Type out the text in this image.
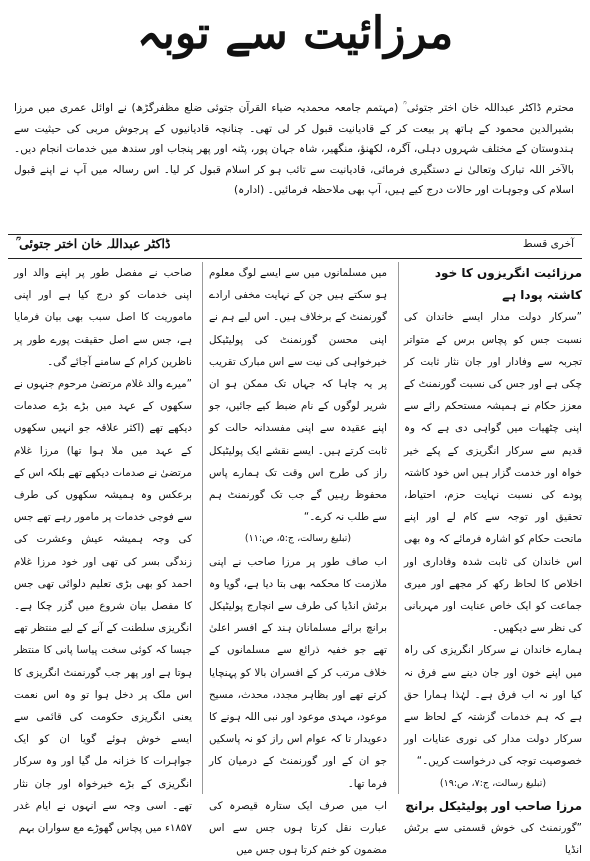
مرزائیت سے توبہ
محترم ڈاکٹر عبداللہ خان اختر جتوئی ؒ (مہتمم جامعہ محمدیہ ضیاء القرآن جتوئی ضلع مظفرگڑھ) نے اوائل عمری میں مرزا بشیرالدین محمود کے ہاتھ پر بیعت کر کے قادیانیت قبول کر لی تھی۔ چنانچہ قادیانیوں کے پرجوش مربی کی حیثیت سے ہندوستان کے مختلف شہروں دہلی، آگرہ، لکھنؤ، منگھیر، شاہ جہان پور، پٹنہ اور پھر پنجاب اور سندھ میں خدمات انجام دیں۔ بالآخر اللہ تبارک وتعالیٰ نے دستگیری فرمائی، قادیانیت سے تائب ہو کر اسلام قبول کر لیا۔ اس رسالہ میں آپ نے اپنے قبول اسلام کی وجوہات اور حالات درج کیے ہیں، آپ بھی ملاحظہ فرمائیں۔ (ادارہ)
ڈاکٹر عبداللہ خان اختر جتوئی ؒ	آخری قسط

مرزائیت انگریزوں کا خود کاشتہ پودا ہے

”سرکار دولت مدار ایسے خاندان کی نسبت جس کو پچاس برس کے متواتر تجربہ سے وفادار اور جان نثار ثابت کر چکی ہے اور جس کی نسبت گورنمنٹ کے معزز حکام نے ہمیشہ مستحکم رائے سے اپنی چٹھیات میں گواہی دی ہے کہ وہ قدیم سے سرکار انگریزی کے پکے خیر خواہ اور خدمت گزار ہیں اس خود کاشتہ پودے کی نسبت نہایت حزم، احتیاط، تحقیق اور توجہ سے کام لے اور اپنے ماتحت حکام کو اشارہ فرمائے کہ وہ بھی اس خاندان کی ثابت شدہ وفاداری اور اخلاص کا لحاظ رکھ کر مجھے اور میری جماعت کو ایک خاص عنایت اور مہربانی کی نظر سے دیکھیں۔

ہمارے خاندان نے سرکار انگریزی کی راہ میں اپنے خون اور جان دینے سے فرق نہ کیا اور نہ اب فرق ہے۔ لہٰذا ہمارا حق ہے کہ ہم خدمات گزشتہ کے لحاظ سے سرکار دولت مدار کی نوری عنایات اور خصوصیت توجہ کی درخواست کریں۔“

(تبلیغ رسالت، ج:۷، ص:۱۹)

مرزا صاحب اور پولیٹیکل برانچ

”گورنمنٹ کی خوش قسمتی سے برٹش انڈیا

میں مسلمانوں میں سے ایسے لوگ معلوم ہو سکتے ہیں جن کے نہایت مخفی ارادے گورنمنٹ کے برخلاف ہیں۔ اس لیے ہم نے اپنی محسن گورنمنٹ کی پولیٹیکل خیرخواہی کی نیت سے اس مبارک تقریب پر یہ چاہا کہ جہاں تک ممکن ہو ان شریر لوگوں کے نام ضبط کیے جائیں، جو اپنے عقیدہ سے اپنی مفسدانہ حالت کو ثابت کرتے ہیں۔ ایسے نقشے ایک پولیٹیکل راز کی طرح اس وقت تک ہمارے پاس محفوظ رہیں گے جب تک گورنمنٹ ہم سے طلب نہ کرے۔“

(تبلیغ رسالت، ج:۵، ص:۱۱)

اب صاف طور پر مرزا صاحب نے اپنی ملازمت کا محکمہ بھی بتا دیا ہے، گویا وہ برٹش انڈیا کی طرف سے انچارج پولیٹیکل برانچ برائے مسلمانان ہند کے افسر اعلیٰ تھے جو خفیہ ذرائع سے مسلمانوں کے خلاف مرتب کر کے افسران بالا کو پہنچایا کرتے تھے اور بظاہر مجدد، محدث، مسیح موعود، مہدی موعود اور نبی اللہ ہونے کا دعویدار تا کہ عوام اس راز کو نہ پاسکیں جو ان کے اور گورنمنٹ کے درمیان کار فرما تھا۔

اب میں صرف ایک ستارہ قیصرہ کی عبارت نقل کرتا ہوں جس سے اس مضمون کو ختم کرتا ہوں جس میں

صاحب نے مفصل طور پر اپنے والد اور اپنی خدمات کو درج کیا ہے اور اپنی ماموریت کا اصل سبب بھی بیان فرمایا ہے، جس سے اصل حقیقت پورے طور پر ناظرین کرام کے سامنے آجائے گی۔

”میرے والد غلام مرتضیٰ مرحوم جنہوں نے سکھوں کے عہد میں بڑے بڑے صدمات دیکھے تھے (اکثر علاقہ جو انہیں سکھوں کے عہد میں ملا ہوا تھا) مرزا غلام مرتضیٰ نے صدمات دیکھے تھے بلکہ اس کے برعکس وہ ہمیشہ سکھوں کی طرف سے فوجی خدمات پر مامور رہے تھے جس کی وجہ ہمیشہ عیش وعشرت کی زندگی بسر کی تھی اور خود مرزا غلام احمد کو بھی بڑی تعلیم دلوائی تھی جس کا مفصل بیان شروع میں گزر چکا ہے۔ انگریزی سلطنت کے آنے کے لیے منتظر تھے جیسا کہ کوئی سخت پیاسا پانی کا منتظر ہوتا ہے اور پھر جب گورنمنٹ انگریزی کا اس ملک پر دخل ہوا تو وہ اس نعمت یعنی انگریزی حکومت کی قائمی سے ایسے خوش ہوئے گویا ان کو ایک جواہرات کا خزانہ مل گیا اور وہ سرکار انگریزی کے بڑے خیرخواہ اور جان نثار تھے۔ اسی وجہ سے انہوں نے ایام غدر ۱۸۵۷ء میں پچاس گھوڑے مع سواران بہم
